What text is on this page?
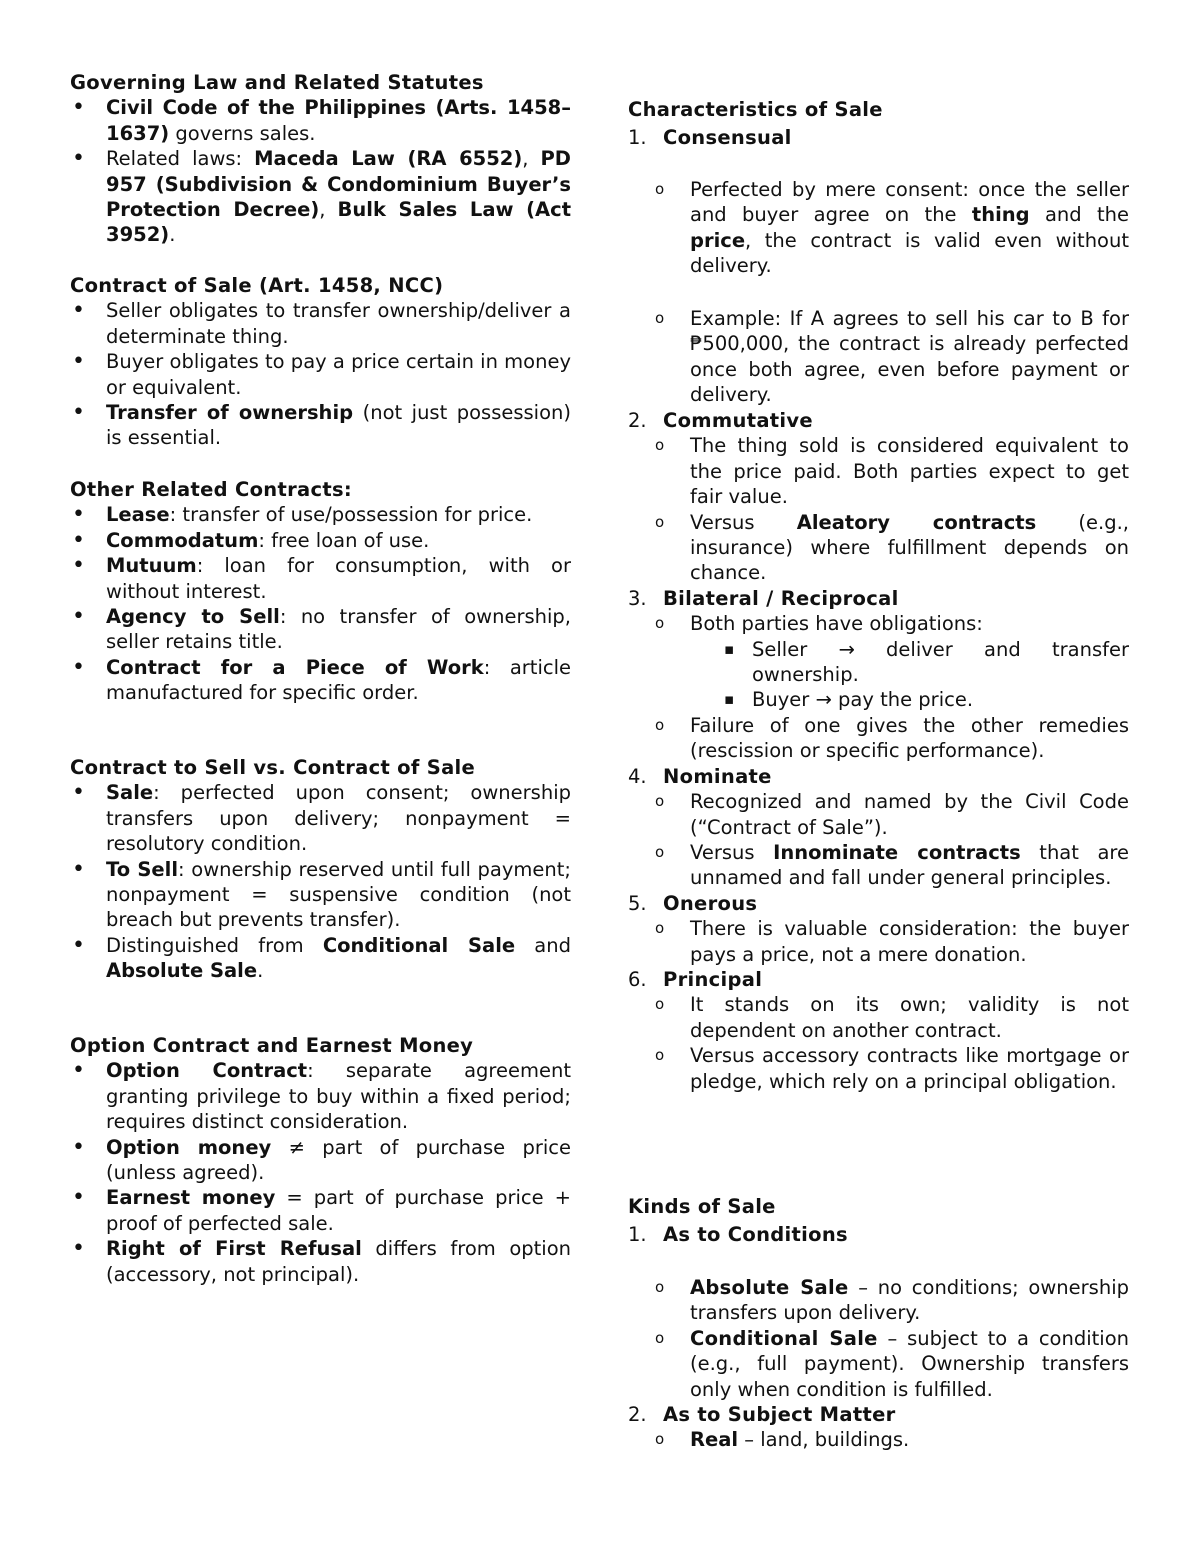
Governing Law and Related Statutes
• Civil Code of the Philippines (Arts. 1458–1637) governs sales.
• Related laws: Maceda Law (RA 6552), PD 957 (Subdivision & Condominium Buyer’s Protection Decree), Bulk Sales Law (Act 3952).
Contract of Sale (Art. 1458, NCC)
• Seller obligates to transfer ownership/deliver a determinate thing.
• Buyer obligates to pay a price certain in money or equivalent.
• Transfer of ownership (not just possession) is essential.
Other Related Contracts:
• Lease: transfer of use/possession for price.
• Commodatum: free loan of use.
• Mutuum: loan for consumption, with or without interest.
• Agency to Sell: no transfer of ownership, seller retains title.
• Contract for a Piece of Work: article manufactured for specific order.
Contract to Sell vs. Contract of Sale
• Sale: perfected upon consent; ownership transfers upon delivery; nonpayment = resolutory condition.
• To Sell: ownership reserved until full payment; nonpayment = suspensive condition (not breach but prevents transfer).
• Distinguished from Conditional Sale and Absolute Sale.
Option Contract and Earnest Money
• Option Contract: separate agreement granting privilege to buy within a fixed period; requires distinct consideration.
• Option money ≠ part of purchase price (unless agreed).
• Earnest money = part of purchase price + proof of perfected sale.
• Right of First Refusal differs from option (accessory, not principal).
Characteristics of Sale
1. Consensual
o Perfected by mere consent: once the seller and buyer agree on the thing and the price, the contract is valid even without delivery.
o Example: If A agrees to sell his car to B for ₱500,000, the contract is already perfected once both agree, even before payment or delivery.
2. Commutative
o The thing sold is considered equivalent to the price paid. Both parties expect to get fair value.
o Versus Aleatory contracts (e.g., insurance) where fulfillment depends on chance.
3. Bilateral / Reciprocal
o Both parties have obligations:
▪ Seller → deliver and transfer ownership.
▪ Buyer → pay the price.
o Failure of one gives the other remedies (rescission or specific performance).
4. Nominate
o Recognized and named by the Civil Code (“Contract of Sale”).
o Versus Innominate contracts that are unnamed and fall under general principles.
5. Onerous
o There is valuable consideration: the buyer pays a price, not a mere donation.
6. Principal
o It stands on its own; validity is not dependent on another contract.
o Versus accessory contracts like mortgage or pledge, which rely on a principal obligation.
Kinds of Sale
1. As to Conditions
o Absolute Sale – no conditions; ownership transfers upon delivery.
o Conditional Sale – subject to a condition (e.g., full payment). Ownership transfers only when condition is fulfilled.
2. As to Subject Matter
o Real – land, buildings.
